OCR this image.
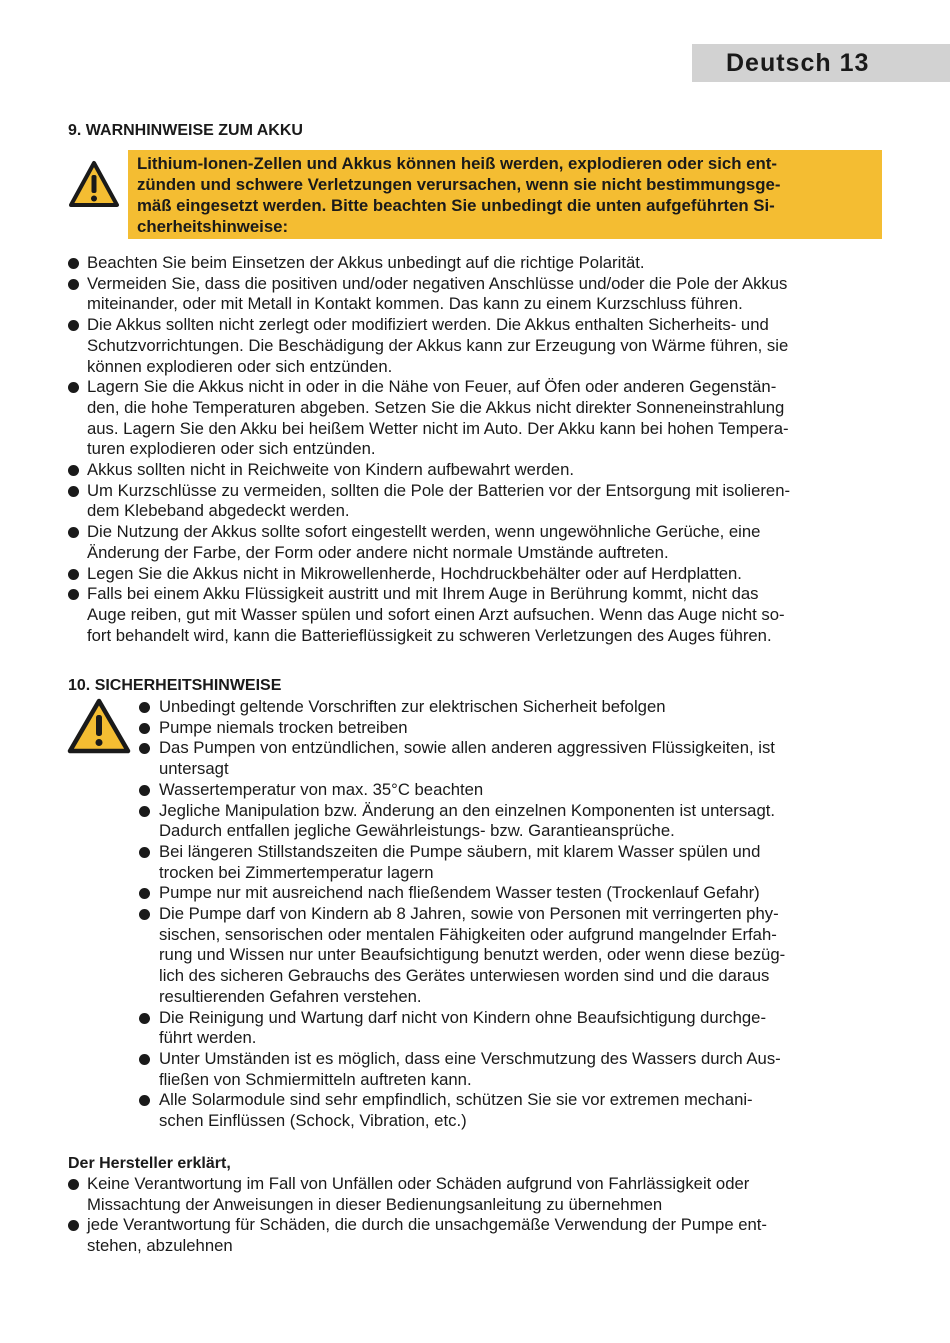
Deutsch 13
9. WARNHINWEISE ZUM AKKU
Lithium-Ionen-Zellen und Akkus können heiß werden, explodieren oder sich ent-
zünden und schwere Verletzungen verursachen, wenn sie nicht bestimmungsge-
mäß eingesetzt werden. Bitte beachten Sie unbedingt die unten aufgeführten Si-
cherheitshinweise:
Beachten Sie beim Einsetzen der Akkus unbedingt auf die richtige Polarität.
Vermeiden Sie, dass die positiven und/oder negativen Anschlüsse und/oder die Pole der Akkus
miteinander, oder mit Metall in Kontakt kommen. Das kann zu einem Kurzschluss führen.
Die Akkus sollten nicht zerlegt oder modifiziert werden. Die Akkus enthalten Sicherheits- und
Schutzvorrichtungen. Die Beschädigung der Akkus kann zur Erzeugung von Wärme führen, sie
können explodieren oder sich entzünden.
Lagern Sie die Akkus nicht in oder in die Nähe von Feuer, auf Öfen oder anderen Gegenstän-
den, die hohe Temperaturen abgeben. Setzen Sie die Akkus nicht direkter Sonneneinstrahlung
aus. Lagern Sie den Akku bei heißem Wetter nicht im Auto. Der Akku kann bei hohen Tempera-
turen explodieren oder sich entzünden.
Akkus sollten nicht in Reichweite von Kindern aufbewahrt werden.
Um Kurzschlüsse zu vermeiden, sollten die Pole der Batterien vor der Entsorgung mit isolieren-
dem Klebeband abgedeckt werden.
Die Nutzung der Akkus sollte sofort eingestellt werden, wenn ungewöhnliche Gerüche, eine
Änderung der Farbe, der Form oder andere nicht normale Umstände auftreten.
Legen Sie die Akkus nicht in Mikrowellenherde, Hochdruckbehälter oder auf Herdplatten.
Falls bei einem Akku Flüssigkeit austritt und mit Ihrem Auge in Berührung kommt, nicht das
Auge reiben, gut mit Wasser spülen und sofort einen Arzt aufsuchen. Wenn das Auge nicht so-
fort behandelt wird, kann die Batterieflüssigkeit zu schweren Verletzungen des Auges führen.
10. SICHERHEITSHINWEISE
Unbedingt geltende Vorschriften zur elektrischen Sicherheit befolgen
Pumpe niemals trocken betreiben
Das Pumpen von entzündlichen, sowie allen anderen aggressiven Flüssigkeiten, ist
untersagt
Wassertemperatur von max. 35°C beachten
Jegliche Manipulation bzw. Änderung an den einzelnen Komponenten ist untersagt.
Dadurch entfallen jegliche Gewährleistungs- bzw. Garantieansprüche.
Bei längeren Stillstandszeiten die Pumpe säubern, mit klarem Wasser spülen und
trocken bei Zimmertemperatur lagern
Pumpe nur mit ausreichend nach fließendem Wasser testen (Trockenlauf Gefahr)
Die Pumpe darf von Kindern ab 8 Jahren, sowie von Personen mit verringerten phy-
sischen, sensorischen oder mentalen Fähigkeiten oder aufgrund mangelnder Erfah-
rung und Wissen nur unter Beaufsichtigung benutzt werden, oder wenn diese bezüg-
lich des sicheren Gebrauchs des Gerätes unterwiesen worden sind und die daraus
resultierenden Gefahren verstehen.
Die Reinigung und Wartung darf nicht von Kindern ohne Beaufsichtigung durchge-
führt werden.
Unter Umständen ist es möglich, dass eine Verschmutzung des Wassers durch Aus-
fließen von Schmiermitteln auftreten kann.
Alle Solarmodule sind sehr empfindlich, schützen Sie sie vor extremen mechani-
schen Einflüssen (Schock, Vibration, etc.)
Der Hersteller erklärt,
Keine Verantwortung im Fall von Unfällen oder Schäden aufgrund von Fahrlässigkeit oder
Missachtung der Anweisungen in dieser Bedienungsanleitung zu übernehmen
jede Verantwortung für Schäden, die durch die unsachgemäße Verwendung der Pumpe ent-
stehen, abzulehnen
